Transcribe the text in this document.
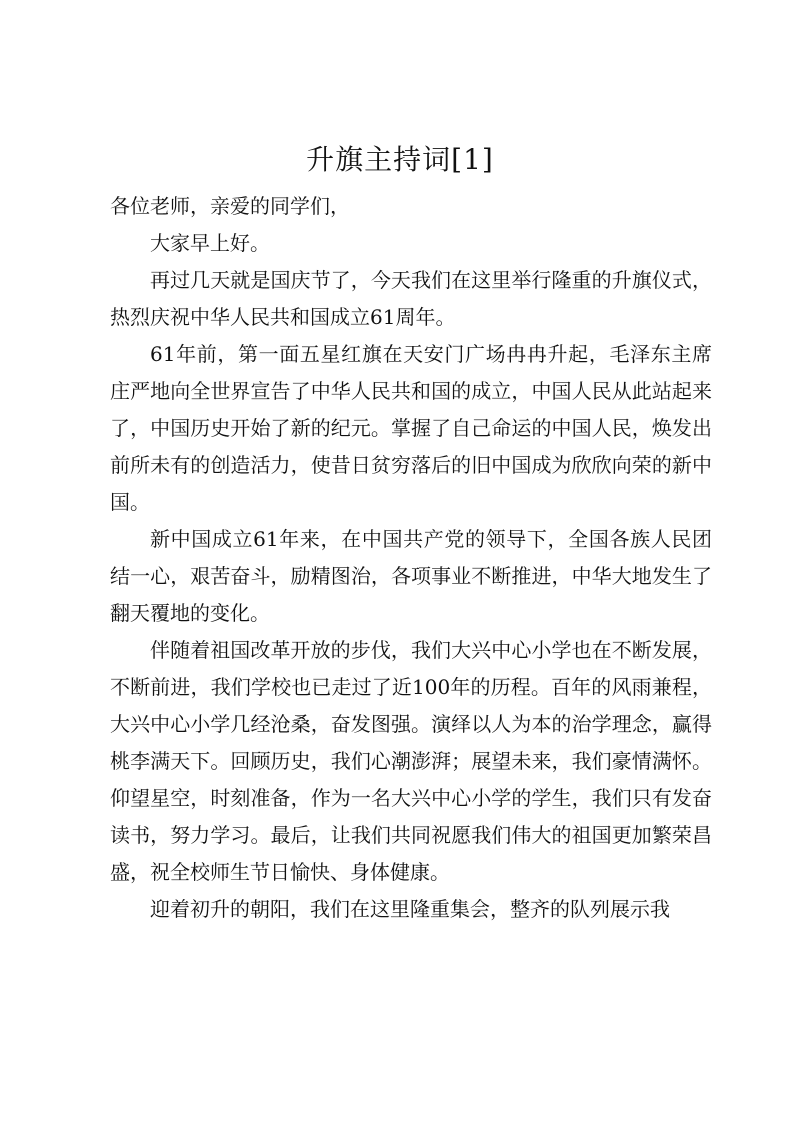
升旗主持词[1]

各位老师，亲爱的同学们，

大家早上好。

再过几天就是国庆节了，今天我们在这里举行隆重的升旗仪式，热烈庆祝中华人民共和国成立61周年。

61年前，第一面五星红旗在天安门广场冉冉升起，毛泽东主席庄严地向全世界宣告了中华人民共和国的成立，中国人民从此站起来了，中国历史开始了新的纪元。掌握了自己命运的中国人民，焕发出前所未有的创造活力，使昔日贫穷落后的旧中国成为欣欣向荣的新中国。

新中国成立61年来，在中国共产党的领导下，全国各族人民团结一心，艰苦奋斗，励精图治，各项事业不断推进，中华大地发生了翻天覆地的变化。

伴随着祖国改革开放的步伐，我们大兴中心小学也在不断发展，不断前进，我们学校也已走过了近100年的历程。百年的风雨兼程，大兴中心小学几经沧桑，奋发图强。演绎以人为本的治学理念，赢得桃李满天下。回顾历史，我们心潮澎湃；展望未来，我们豪情满怀。仰望星空，时刻准备，作为一名大兴中心小学的学生，我们只有发奋读书，努力学习。最后，让我们共同祝愿我们伟大的祖国更加繁荣昌盛，祝全校师生节日愉快、身体健康。

迎着初升的朝阳，我们在这里隆重集会，整齐的队列展示我
